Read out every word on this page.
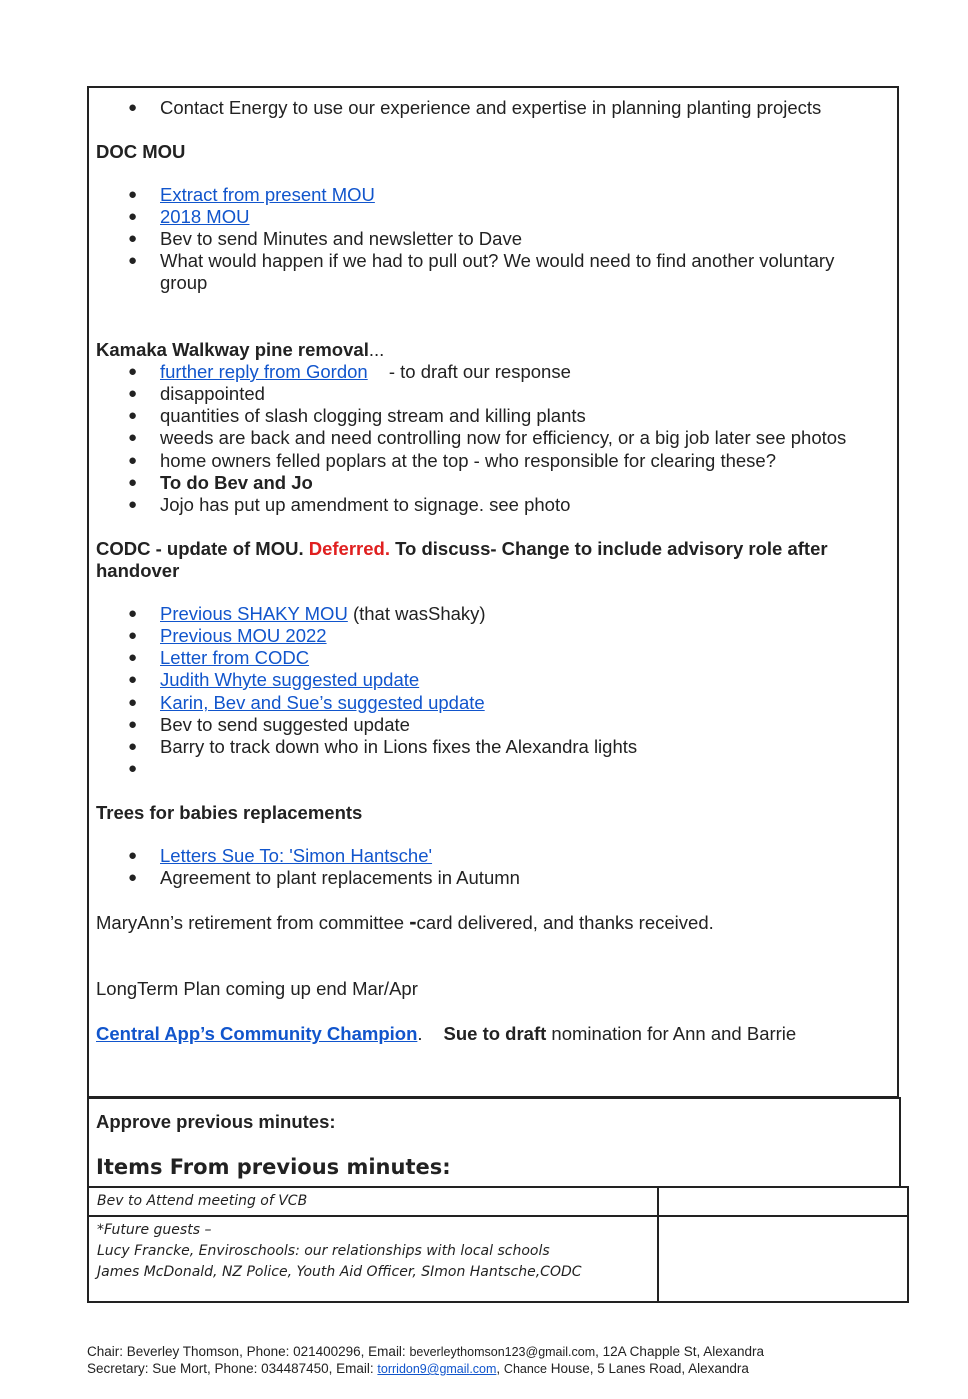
● Contact Energy to use our experience and expertise in planning planting projects
DOC MOU
● Extract from present MOU
● 2018 MOU
● Bev to send Minutes and newsletter to Dave
● What would happen if we had to pull out? We would need to find another voluntary
group
Kamaka Walkway pine removal...
● further reply from Gordon - to draft our response
● disappointed
● quantities of slash clogging stream and killing plants
● weeds are back and need controlling now for efficiency, or a big job later see photos
● home owners felled poplars at the top - who responsible for clearing these?
● To do Bev and Jo
● Jojo has put up amendment to signage. see photo
CODC - update of MOU. Deferred. To discuss- Change to include advisory role after
handover
● Previous SHAKY MOU (that wasShaky)
● Previous MOU 2022
● Letter from CODC
● Judith Whyte suggested update
● Karin, Bev and Sue’s suggested update
● Bev to send suggested update
● Barry to track down who in Lions fixes the Alexandra lights
●
Trees for babies replacements
● Letters Sue To: 'Simon Hantsche'
● Agreement to plant replacements in Autumn
MaryAnn’s retirement from committee -card delivered, and thanks received.
LongTerm Plan coming up end Mar/Apr
Central App’s Community Champion. Sue to draft nomination for Ann and Barrie
Approve previous minutes:
Items From previous minutes:
Bev to Attend meeting of VCB	

*Future guests –
Lucy Francke, Enviroschools: our relationships with local schools
James McDonald, NZ Police, Youth Aid Officer, SImon Hantsche,CODC	

Chair: Beverley Thomson, Phone: 021400296, Email: beverleythomson123@gmail.com, 12A Chapple St, Alexandra
Secretary: Sue Mort, Phone: 034487450, Email: torridon9@gmail.com, Chance House, 5 Lanes Road, Alexandra
